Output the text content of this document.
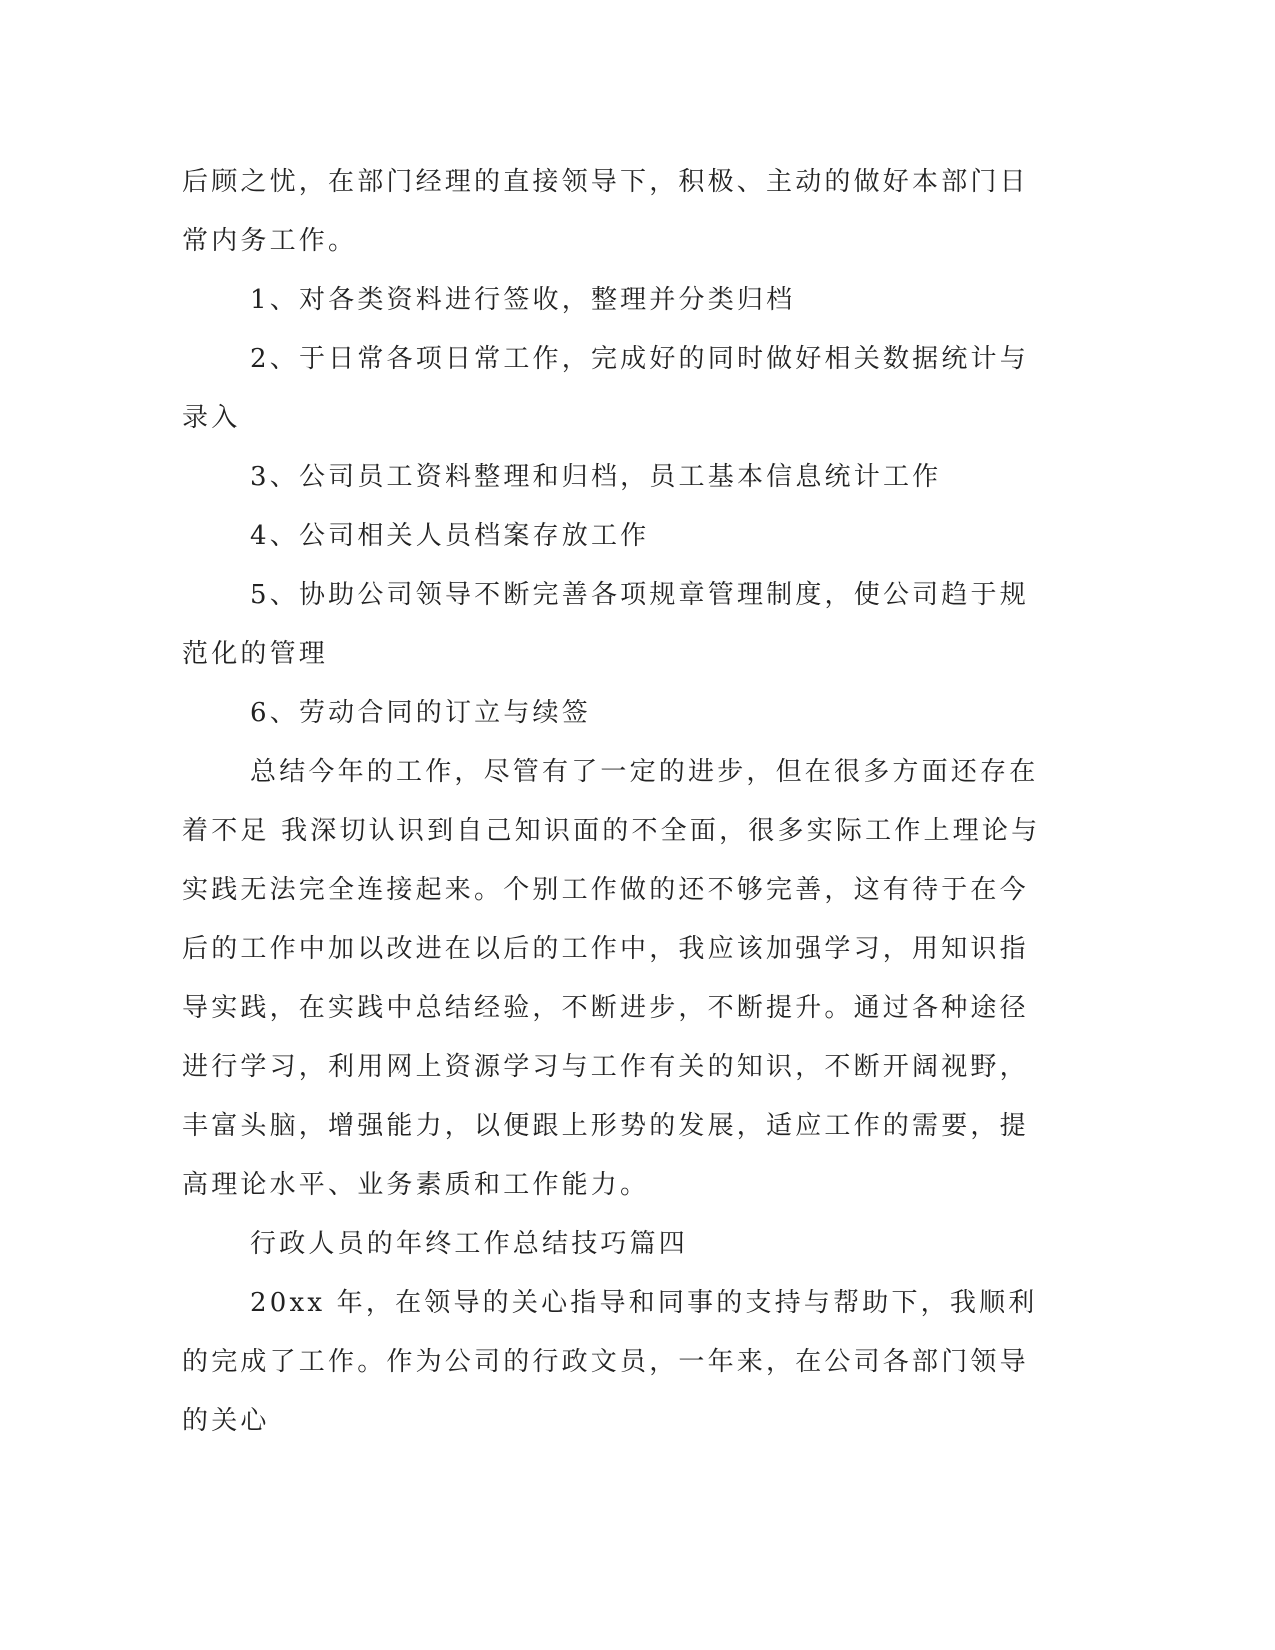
后顾之忧，在部门经理的直接领导下，积极、主动的做好本部门日常内务工作。

1、对各类资料进行签收，整理并分类归档

2、于日常各项日常工作，完成好的同时做好相关数据统计与录入

3、公司员工资料整理和归档，员工基本信息统计工作

4、公司相关人员档案存放工作

5、协助公司领导不断完善各项规章管理制度，使公司趋于规范化的管理

6、劳动合同的订立与续签

总结今年的工作，尽管有了一定的进步，但在很多方面还存在着不足 我深切认识到自己知识面的不全面，很多实际工作上理论与实践无法完全连接起来。个别工作做的还不够完善，这有待于在今后的工作中加以改进在以后的工作中，我应该加强学习，用知识指导实践，在实践中总结经验，不断进步，不断提升。通过各种途径进行学习，利用网上资源学习与工作有关的知识，不断开阔视野，丰富头脑，增强能力，以便跟上形势的发展，适应工作的需要，提高理论水平、业务素质和工作能力。

行政人员的年终工作总结技巧篇四

20xx 年，在领导的关心指导和同事的支持与帮助下，我顺利的完成了工作。作为公司的行政文员，一年来，在公司各部门领导的关心
